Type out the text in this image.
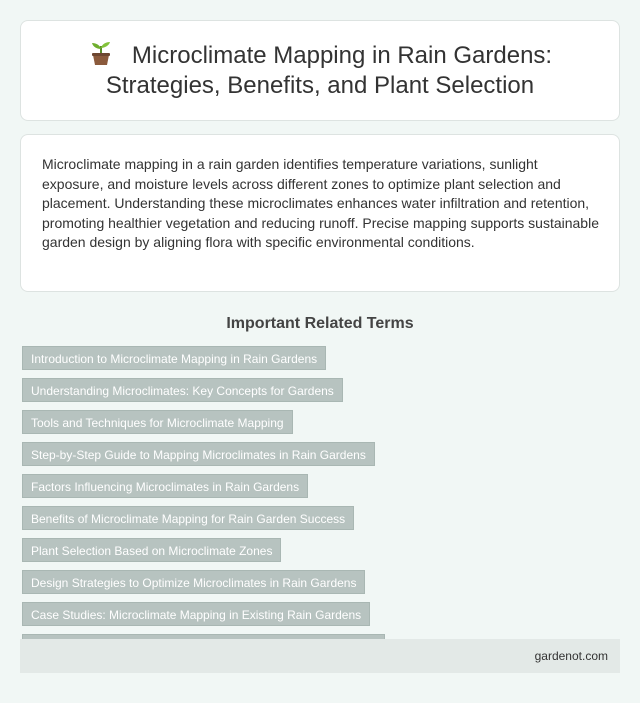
Microclimate Mapping in Rain Gardens: Strategies, Benefits, and Plant Selection

Microclimate mapping in a rain garden identifies temperature variations, sunlight exposure, and moisture levels across different zones to optimize plant selection and placement. Understanding these microclimates enhances water infiltration and retention, promoting healthier vegetation and reducing runoff. Precise mapping supports sustainable garden design by aligning flora with specific environmental conditions.

Important Related Terms
Introduction to Microclimate Mapping in Rain Gardens
Understanding Microclimates: Key Concepts for Gardens
Tools and Techniques for Microclimate Mapping
Step-by-Step Guide to Mapping Microclimates in Rain Gardens
Factors Influencing Microclimates in Rain Gardens
Benefits of Microclimate Mapping for Rain Garden Success
Plant Selection Based on Microclimate Zones
Design Strategies to Optimize Microclimates in Rain Gardens
Case Studies: Microclimate Mapping in Existing Rain Gardens
gardenot.com
